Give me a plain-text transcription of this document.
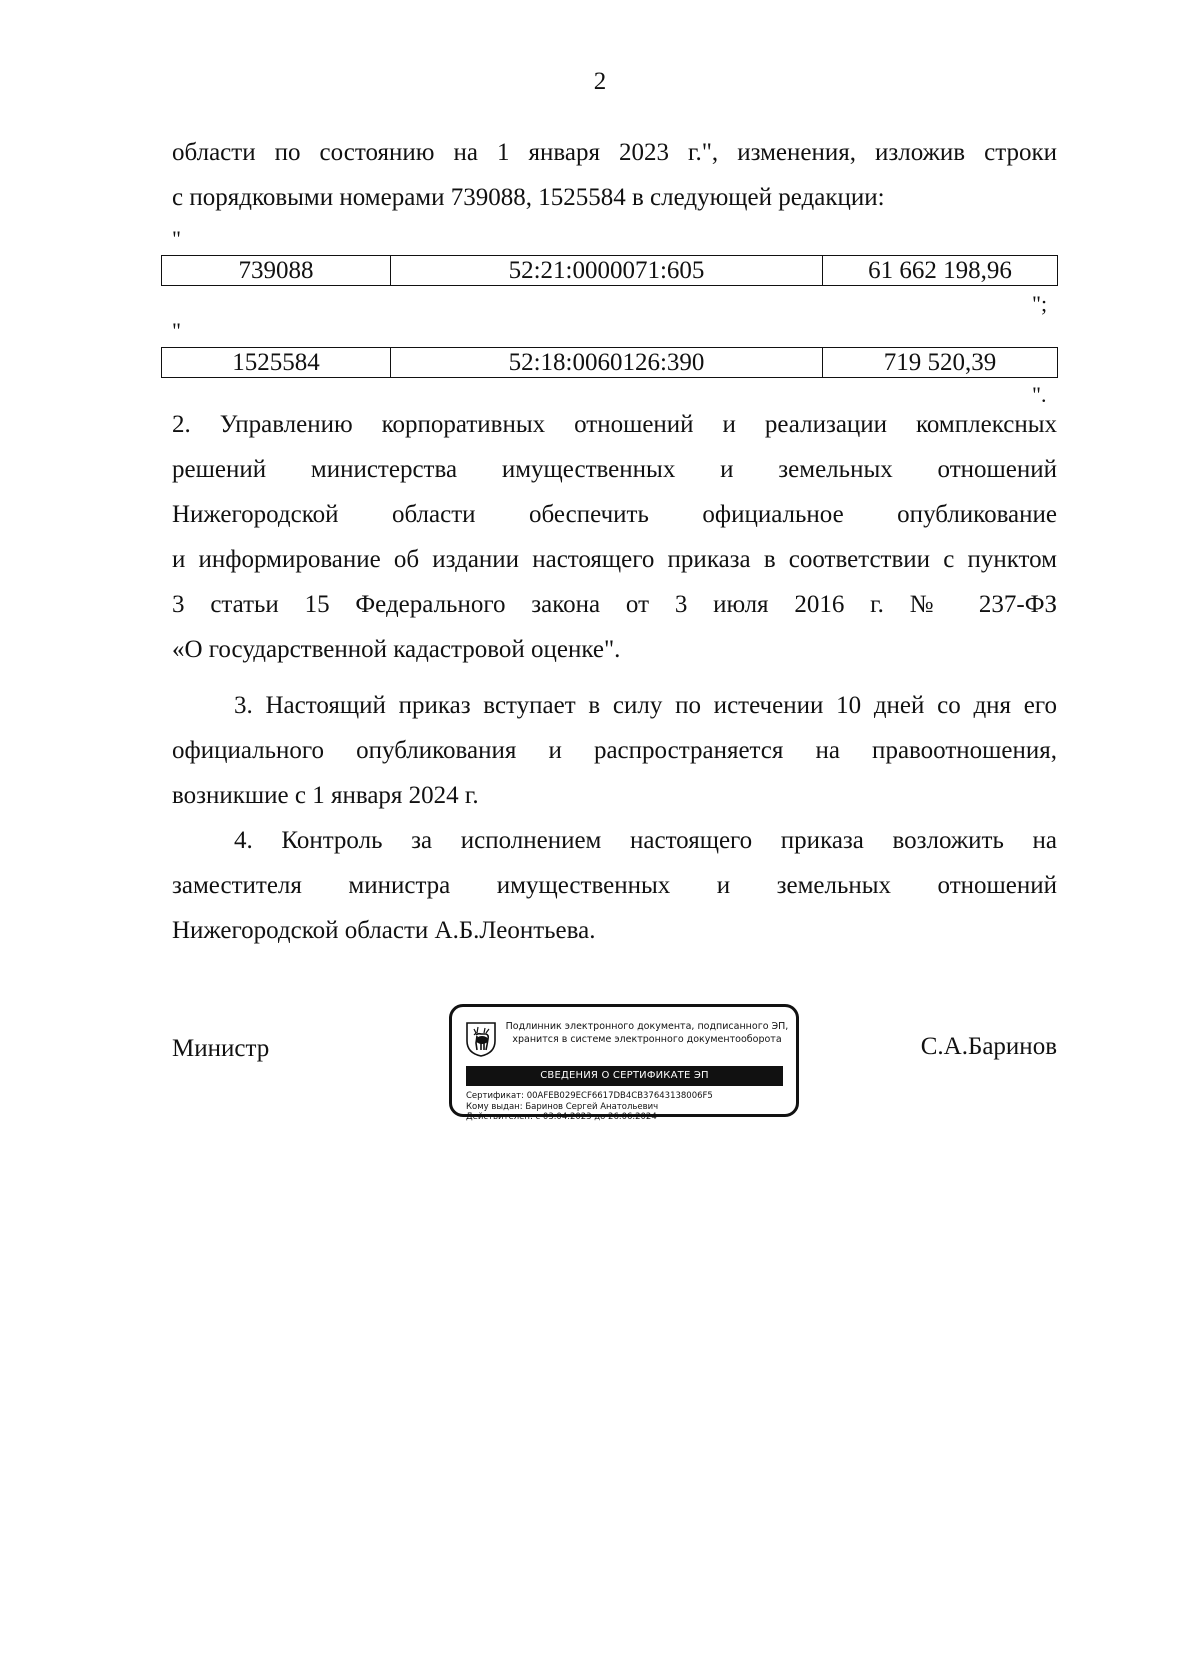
2

области по состоянию на 1 января 2023 г.", изменения, изложив строки

с порядковыми номерами 739088, 1525584 в следующей редакции:

"
739088	52:21:0000071:605	61 662 198,96
";
"
1525584	52:18:0060126:390	719 520,39
".

2. Управлению корпоративных отношений и реализации комплексных

решений министерства имущественных и земельных отношений

Нижегородской области обеспечить официальное опубликование

и информирование об издании настоящего приказа в соответствии с пунктом

3 статьи 15 Федерального закона от 3 июля 2016 г. № 237-ФЗ

«О государственной кадастровой оценке".

3. Настоящий приказ вступает в силу по истечении 10 дней со дня его

официального опубликования и распространяется на правоотношения,

возникшие с 1 января 2024 г.

4. Контроль за исполнением настоящего приказа возложить на

заместителя министра имущественных и земельных отношений

Нижегородской области А.Б.Леонтьева.

Министр	С.А.Баринов
Подлинник электронного документа, подписанного ЭП,
хранится в системе электронного документооборота
СВЕДЕНИЯ О СЕРТИФИКАТЕ ЭП
Сертификат: 00AFEB029ECF6617DB4CB37643138006F5
Кому выдан: Баринов Сергей Анатольевич
Действителен: с 03.04.2023 до 26.06.2024
